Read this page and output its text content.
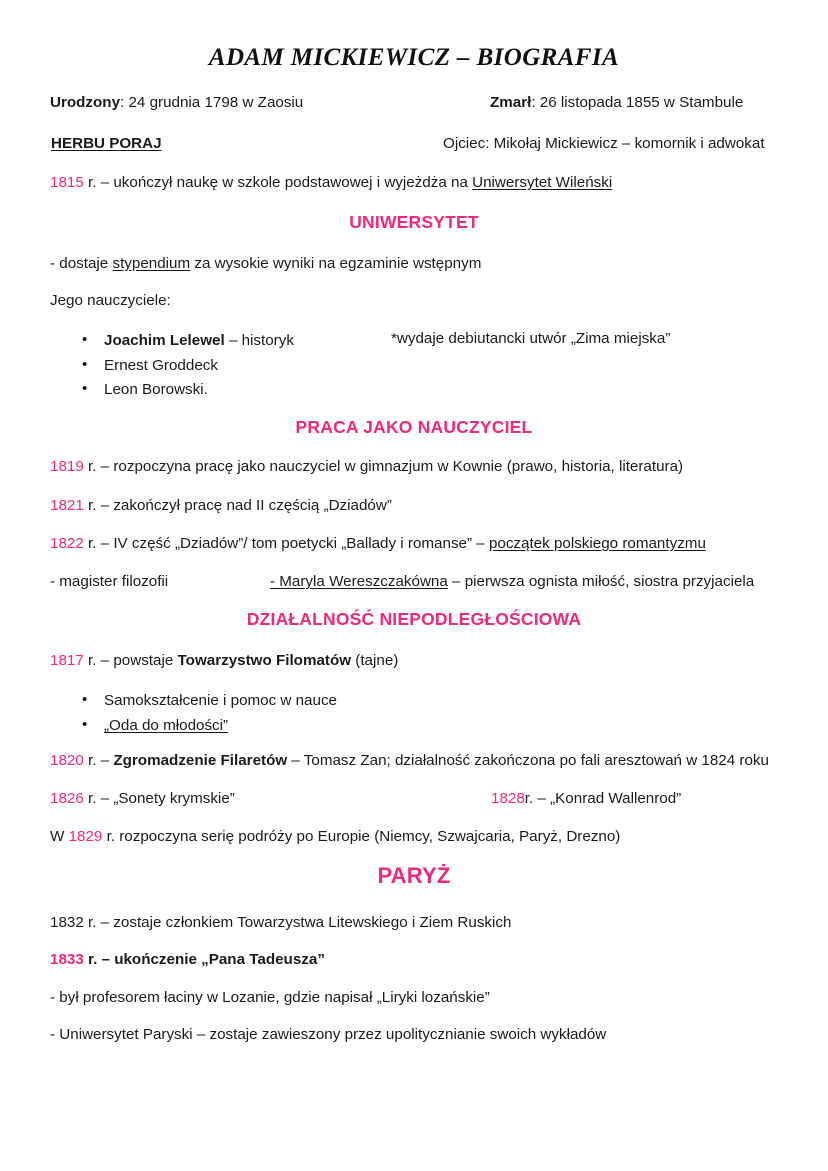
ADAM MICKIEWICZ – BIOGRAFIA
Urodzony: 24 grudnia 1798 w Zaosiu	Zmarł: 26 listopada 1855 w Stambule
HERBU PORAJ	Ojciec: Mikołaj Mickiewicz – komornik i adwokat
1815 r. – ukończył naukę w szkole podstawowej i wyjeżdża na Uniwersytet Wileński
UNIWERSYTET
- dostaje stypendium za wysokie wyniki na egzaminie wstępnym
Jego nauczyciele:
• Joachim Lelewel – historyk
• Ernest Groddeck
• Leon Borowski.
*wydaje debiutancki utwór „Zima miejska”
PRACA JAKO NAUCZYCIEL
1819 r. – rozpoczyna pracę jako nauczyciel w gimnazjum w Kownie (prawo, historia, literatura)
1821 r. – zakończył pracę nad II częścią „Dziadów”
1822 r. – IV część „Dziadów”/ tom poetycki „Ballady i romanse” – początek polskiego romantyzmu
- magister filozofii	- Maryla Wereszczakówna – pierwsza ognista miłość, siostra przyjaciela
DZIAŁALNOŚĆ NIEPODLEGŁOŚCIOWA
1817 r. – powstaje Towarzystwo Filomatów (tajne)
• Samokształcenie i pomoc w nauce
• „Oda do młodości”
1820 r. – Zgromadzenie Filaretów – Tomasz Zan; działalność zakończona po fali aresztowań w 1824 roku
1826 r. – „Sonety krymskie”	1828r. – „Konrad Wallenrod”
W 1829 r. rozpoczyna serię podróży po Europie (Niemcy, Szwajcaria, Paryż, Drezno)
PARYŻ
1832 r. – zostaje członkiem Towarzystwa Litewskiego i Ziem Ruskich
1833 r. – ukończenie „Pana Tadeusza”
- był profesorem łaciny w Lozanie, gdzie napisał „Liryki lozańskie”
- Uniwersytet Paryski – zostaje zawieszony przez upolitycznianie swoich wykładów
